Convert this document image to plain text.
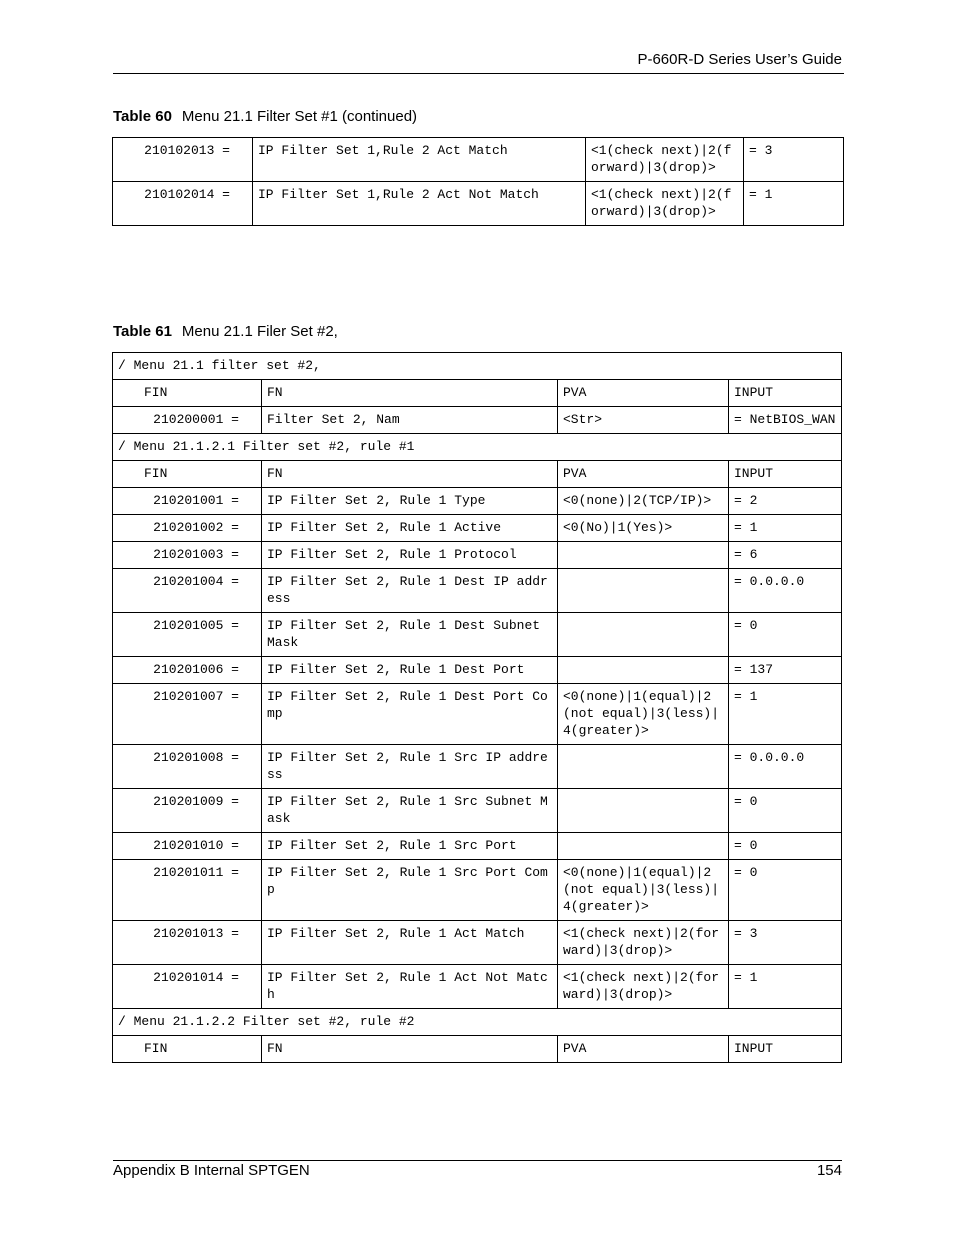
P-660R-D Series User’s Guide
Table 60 Menu 21.1 Filter Set #1 (continued)
210102013 =	IP Filter Set 1,Rule 2 Act Match	<1(check next)|2(forward)|3(drop)>	= 3
210102014 =	IP Filter Set 1,Rule 2 Act Not Match	<1(check next)|2(forward)|3(drop)>	= 1
Table 61 Menu 21.1 Filer Set #2,
/ Menu 21.1 filter set #2,			
FIN	FN	PVA	INPUT
210200001 =	Filter Set 2, Nam	<Str>	= NetBIOS_WAN
/ Menu 21.1.2.1 Filter set #2, rule #1			
FIN	FN	PVA	INPUT
210201001 =	IP Filter Set 2, Rule 1 Type	<0(none)|2(TCP/IP)>	= 2
210201002 =	IP Filter Set 2, Rule 1 Active	<0(No)|1(Yes)>	= 1
210201003 =	IP Filter Set 2, Rule 1 Protocol		= 6
210201004 =	IP Filter Set 2, Rule 1 Dest IP address		= 0.0.0.0
210201005 =	IP Filter Set 2, Rule 1 Dest Subnet Mask		= 0
210201006 =	IP Filter Set 2, Rule 1 Dest Port		= 137
210201007 =	IP Filter Set 2, Rule 1 Dest Port Comp	<0(none)|1(equal)|2(not equal)|3(less)|4(greater)>	= 1
210201008 =	IP Filter Set 2, Rule 1 Src IP address		= 0.0.0.0
210201009 =	IP Filter Set 2, Rule 1 Src Subnet Mask		= 0
210201010 =	IP Filter Set 2, Rule 1 Src Port		= 0
210201011 =	IP Filter Set 2, Rule 1 Src Port Comp	<0(none)|1(equal)|2(not equal)|3(less)|4(greater)>	= 0
210201013 =	IP Filter Set 2, Rule 1 Act Match	<1(check next)|2(forward)|3(drop)>	= 3
210201014 =	IP Filter Set 2, Rule 1 Act Not Match	<1(check next)|2(forward)|3(drop)>	= 1
/ Menu 21.1.2.2 Filter set #2, rule #2			
FIN	FN	PVA	INPUT
Appendix B Internal SPTGEN	154
